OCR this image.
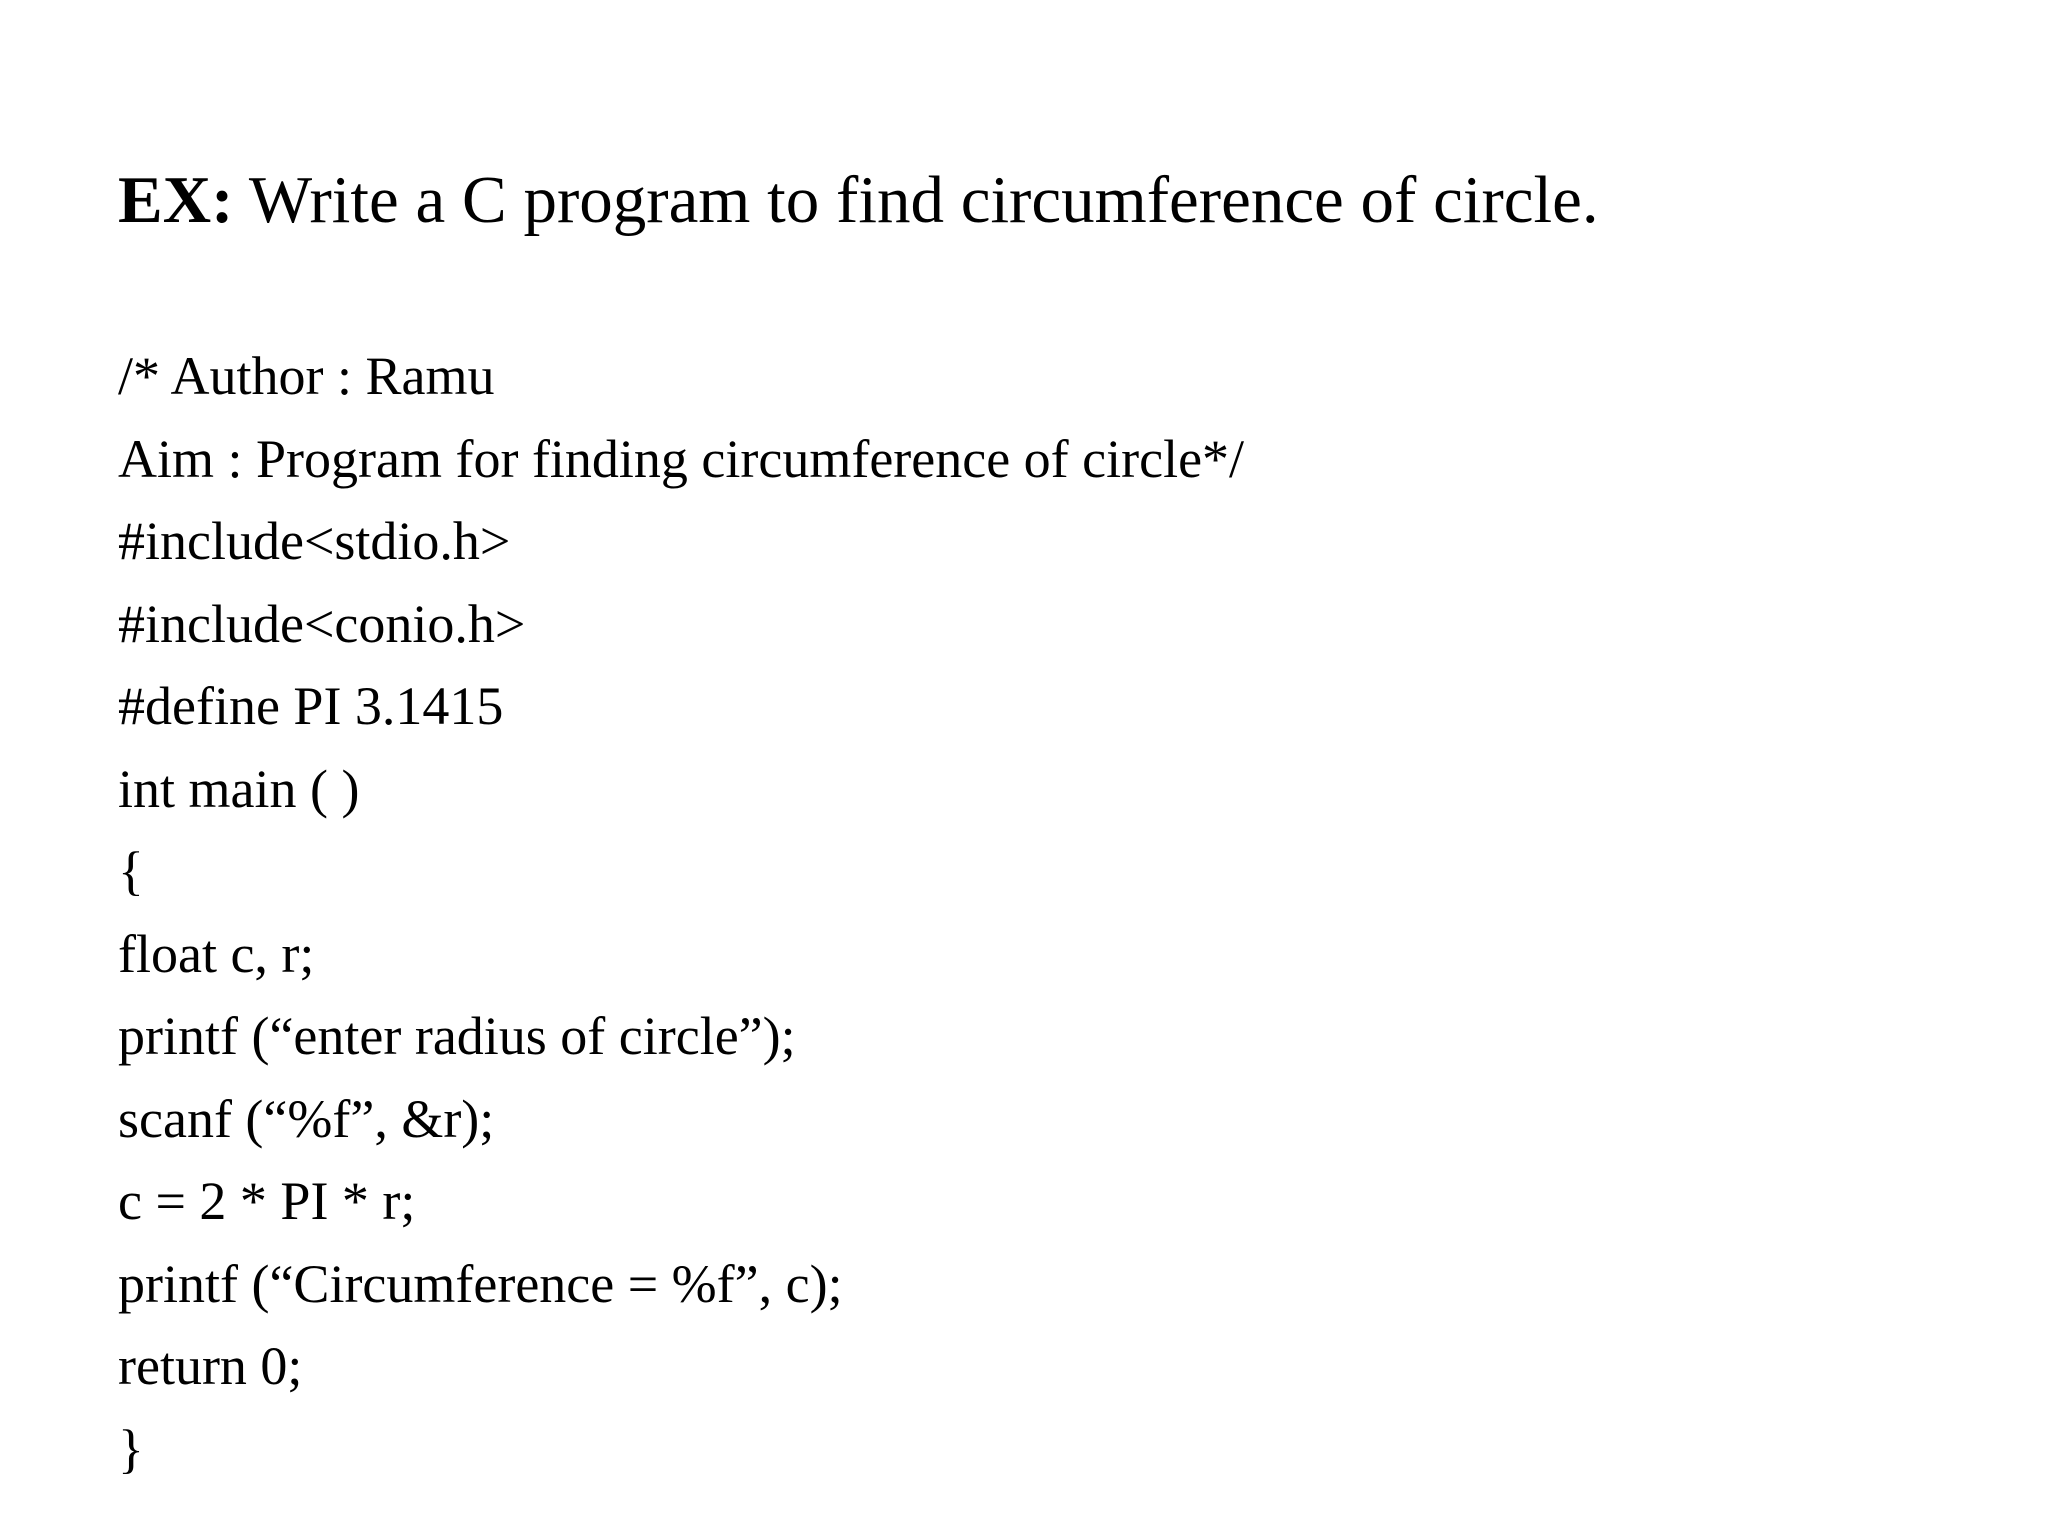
EX: Write a C program to find circumference of circle.
/* Author : Ramu
Aim : Program for finding circumference of circle*/
#include<stdio.h>
#include<conio.h>
#define PI 3.1415
int main ( )
{
float c, r;
printf (“enter radius of circle”);
scanf (“%f”, &r);
c = 2 * PI * r;
printf (“Circumference = %f”, c);
return 0;
}
